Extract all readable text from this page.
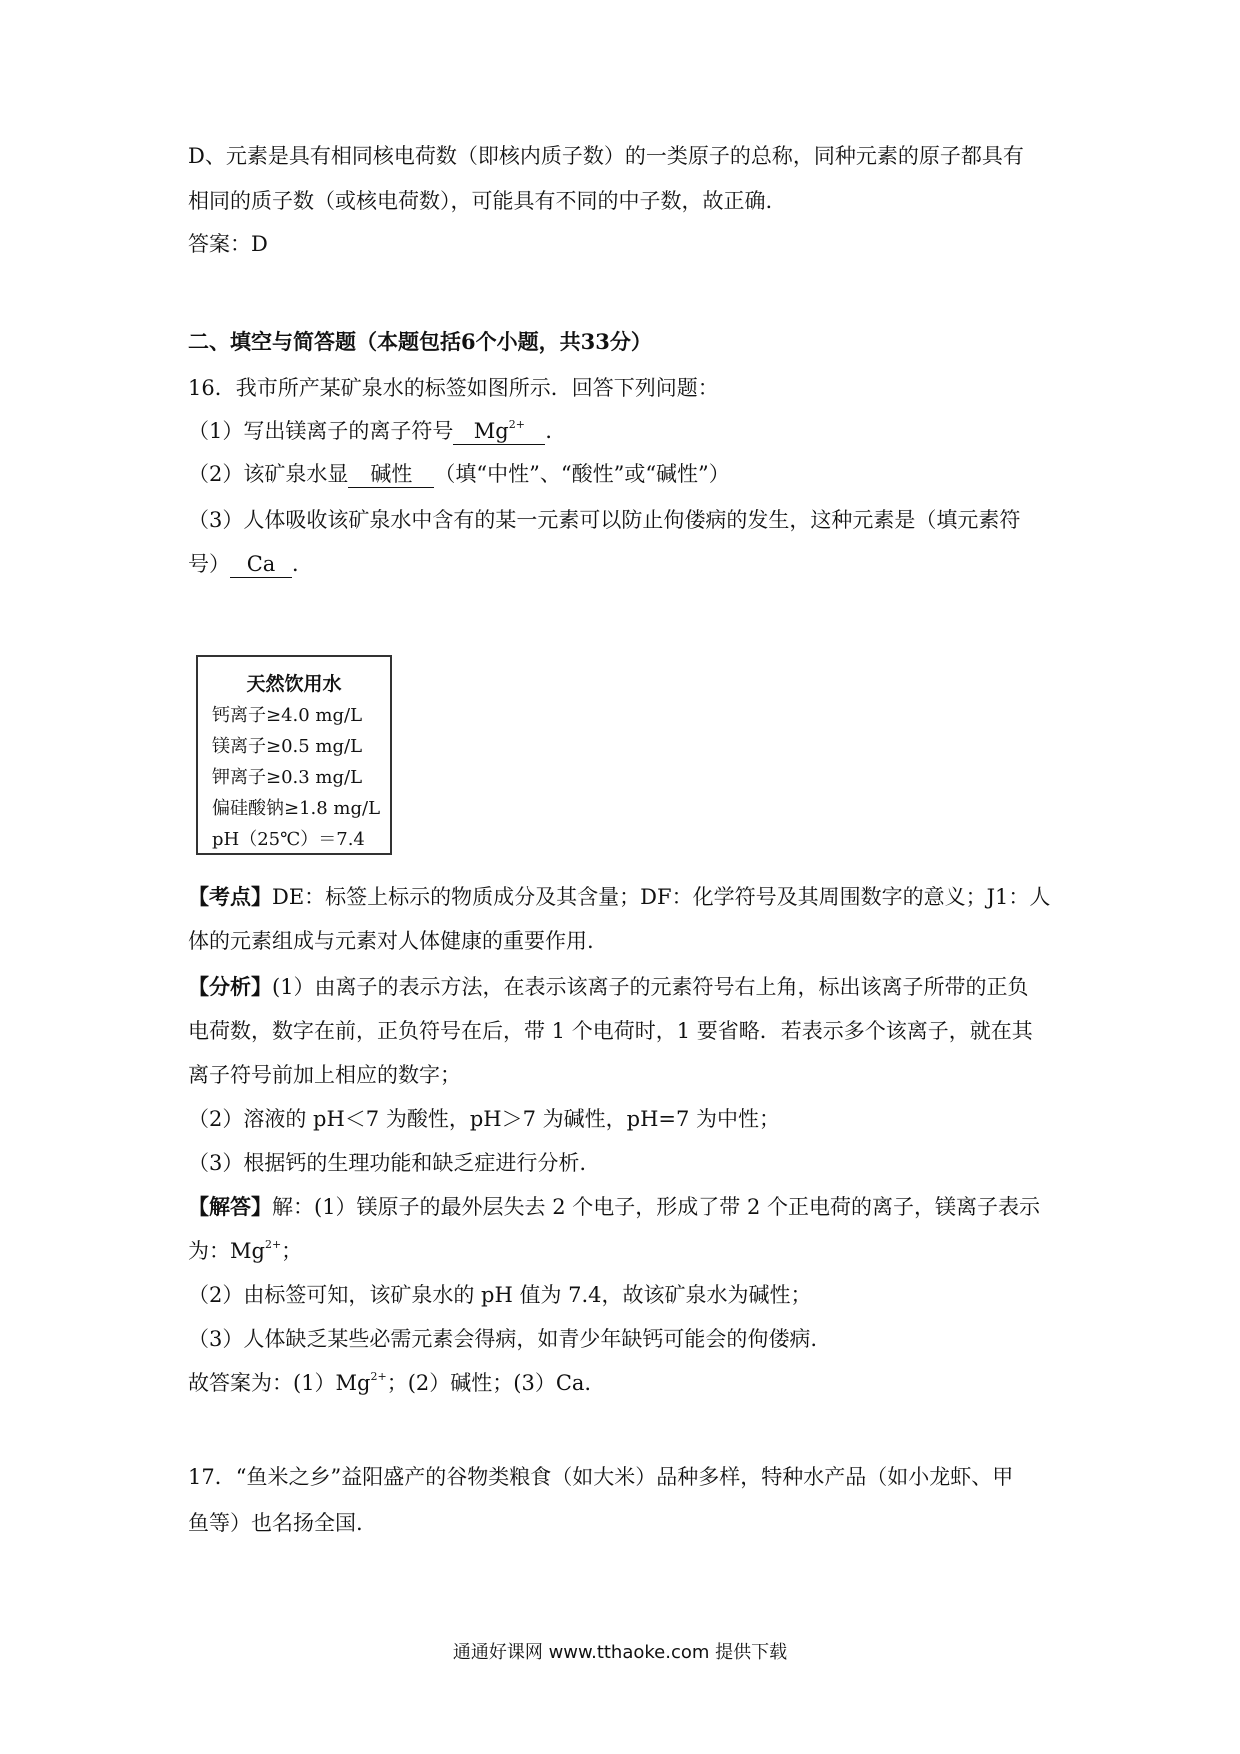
D、元素是具有相同核电荷数（即核内质子数）的一类原子的总称，同种元素的原子都具有
相同的质子数（或核电荷数），可能具有不同的中子数，故正确.
答案：D
二、填空与简答题（本题包括6个小题，共33分）
16．我市所产某矿泉水的标签如图所示．回答下列问题：
（1）写出镁离子的离子符号 $Mg^{2+}$ ．
（2）该矿泉水显 碱性 （填“中性”、“酸性”或“碱性”）
（3）人体吸收该矿泉水中含有的某一元素可以防止佝偻病的发生，这种元素是（填元素符
号） Ca ．
天然饮用水
钙离子≥4.0 mg/L
镁离子≥0.5 mg/L
钾离子≥0.3 mg/L
偏硅酸钠≥1.8 mg/L
pH（25℃）＝7.4
【考点】DE：标签上标示的物质成分及其含量；DF：化学符号及其周围数字的意义；J1：人
体的元素组成与元素对人体健康的重要作用.
【分析】(1）由离子的表示方法，在表示该离子的元素符号右上角，标出该离子所带的正负
电荷数，数字在前，正负符号在后，带 1 个电荷时，1 要省略．若表示多个该离子，就在其
离子符号前加上相应的数字；
（2）溶液的 pH＜7 为酸性，pH＞7 为碱性，pH=7 为中性；
（3）根据钙的生理功能和缺乏症进行分析.
【解答】解：(1）镁原子的最外层失去 2 个电子，形成了带 2 个正电荷的离子，镁离子表示
为：$Mg^{2+}$；
（2）由标签可知，该矿泉水的 pH 值为 7.4，故该矿泉水为碱性；
（3）人体缺乏某些必需元素会得病，如青少年缺钙可能会的佝偻病.
故答案为：$(1)Mg^{2+}$；(2）碱性；(3）Ca.
17．“鱼米之乡”益阳盛产的谷物类粮食（如大米）品种多样，特种水产品（如小龙虾、甲
鱼等）也名扬全国.
通通好课网 www.tthaoke.com 提供下载
